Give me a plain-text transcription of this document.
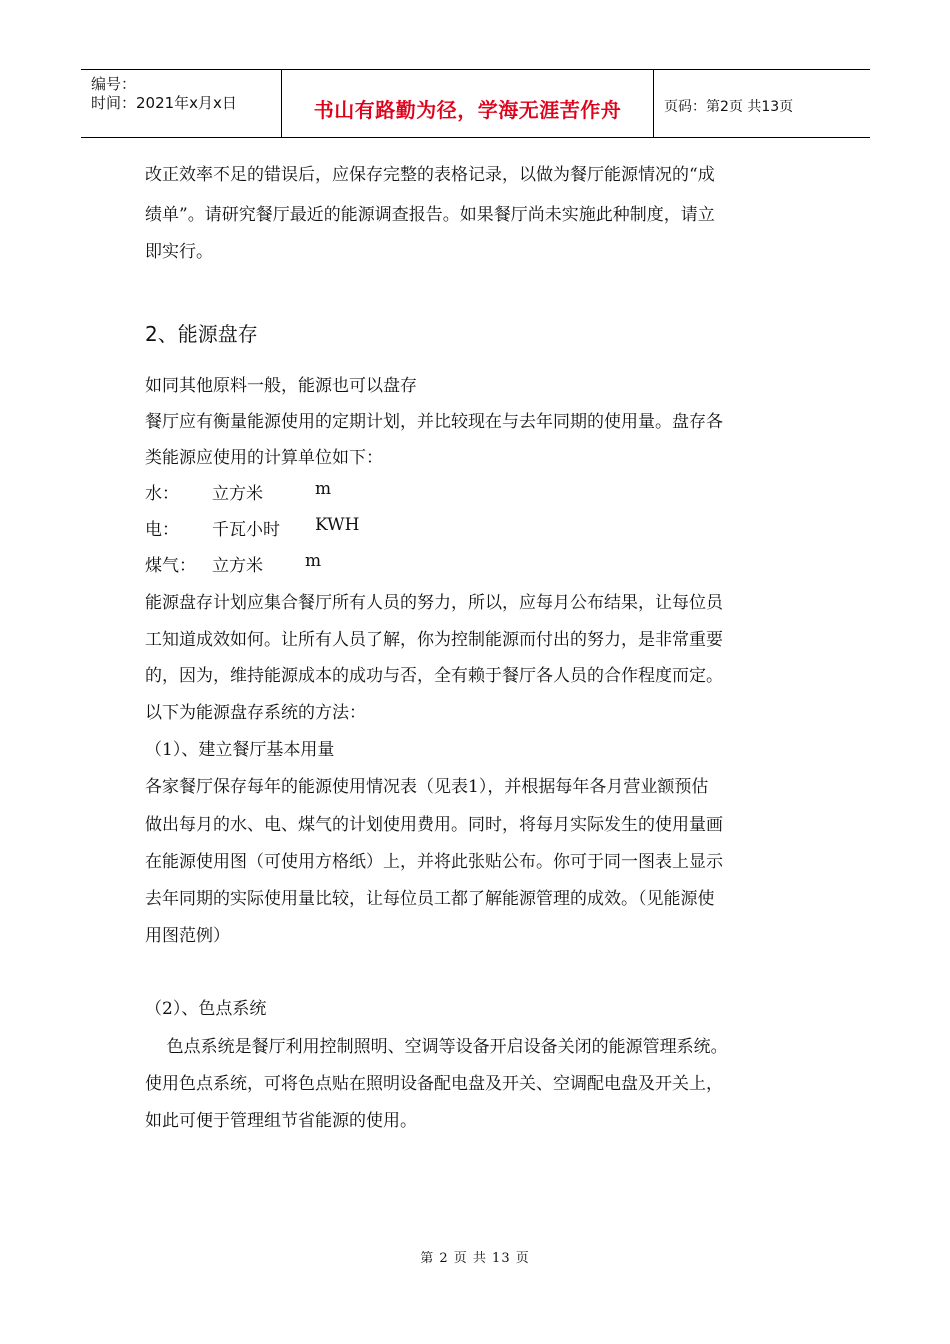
编号：
时间：2021年x月x日	书山有路勤为径，学海无涯苦作舟	页码：第2页 共13页
改正效率不足的错误后，应保存完整的表格记录，以做为餐厅能源情况的“成
绩单”。请研究餐厅最近的能源调查报告。如果餐厅尚未实施此种制度，请立
即实行。
2、能源盘存
如同其他原料一般，能源也可以盘存
餐厅应有衡量能源使用的定期计划，并比较现在与去年同期的使用量。盘存各
类能源应使用的计算单位如下：
水： 立方米	m
电： 千瓦小时 KWH
煤气： 立方米 m
能源盘存计划应集合餐厅所有人员的努力，所以，应每月公布结果，让每位员
工知道成效如何。让所有人员了解，你为控制能源而付出的努力，是非常重要
的，因为，维持能源成本的成功与否，全有赖于餐厅各人员的合作程度而定。
以下为能源盘存系统的方法：
（1）、建立餐厅基本用量
各家餐厅保存每年的能源使用情况表（见表1），并根据每年各月营业额预估
做出每月的水、电、煤气的计划使用费用。同时，将每月实际发生的使用量画
在能源使用图（可使用方格纸）上，并将此张贴公布。你可于同一图表上显示
去年同期的实际使用量比较，让每位员工都了解能源管理的成效。（见能源使
用图范例）
（2）、色点系统
色点系统是餐厅利用控制照明、空调等设备开启设备关闭的能源管理系统。
使用色点系统，可将色点贴在照明设备配电盘及开关、空调配电盘及开关上，
如此可便于管理组节省能源的使用。
第 2 页 共 13 页
